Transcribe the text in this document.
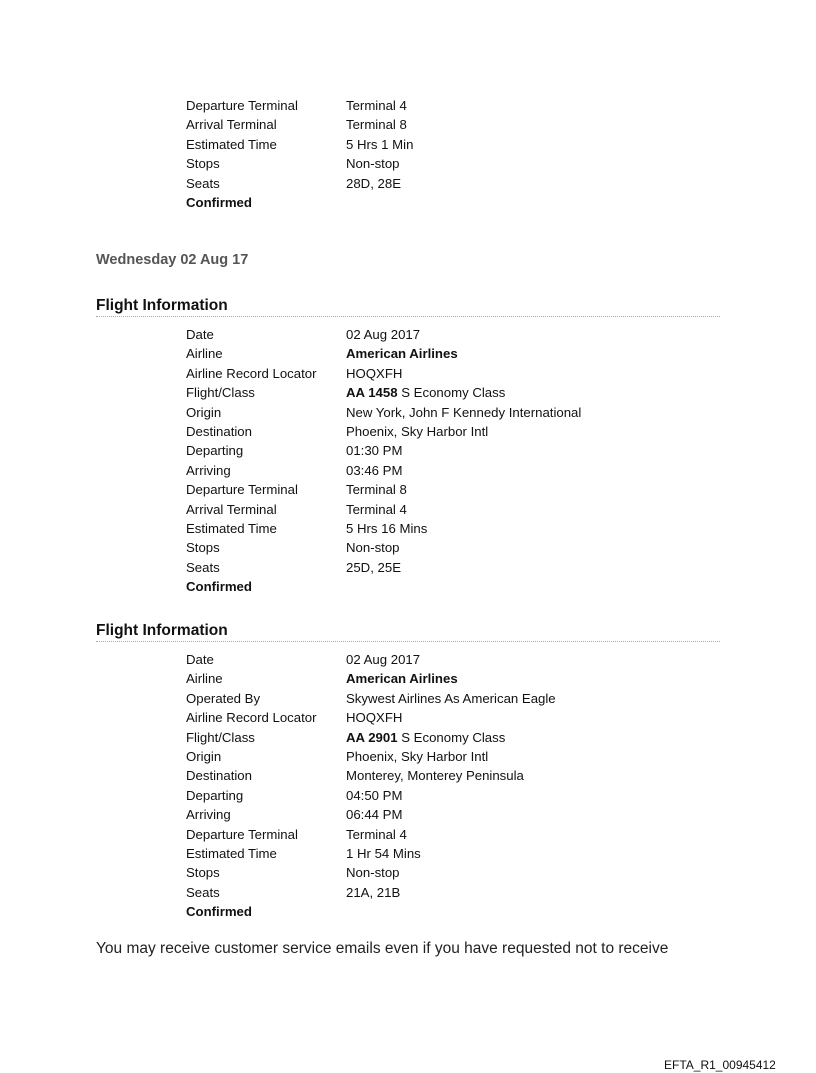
Departure Terminal	Terminal 4
Arrival Terminal	Terminal 8
Estimated Time	5 Hrs 1 Min
Stops	Non-stop
Seats	28D, 28E
Confirmed
Wednesday 02 Aug 17
Flight Information
Date	02 Aug 2017
Airline	American Airlines
Airline Record Locator HOQXFH
Flight/Class	AA 1458 S Economy Class
Origin	New York, John F Kennedy International
Destination	Phoenix, Sky Harbor Intl
Departing	01:30 PM
Arriving	03:46 PM
Departure Terminal	Terminal 8
Arrival Terminal	Terminal 4
Estimated Time	5 Hrs 16 Mins
Stops	Non-stop
Seats	25D, 25E
Confirmed
Flight Information
Date	02 Aug 2017
Airline	American Airlines
Operated By	Skywest Airlines As American Eagle
Airline Record Locator HOQXFH
Flight/Class	AA 2901 S Economy Class
Origin	Phoenix, Sky Harbor Intl
Destination	Monterey, Monterey Peninsula
Departing	04:50 PM
Arriving	06:44 PM
Departure Terminal	Terminal 4
Estimated Time	1 Hr 54 Mins
Stops	Non-stop
Seats	21A, 21B
Confirmed
You may receive customer service emails even if you have requested not to receive
EFTA_R1_00945412
